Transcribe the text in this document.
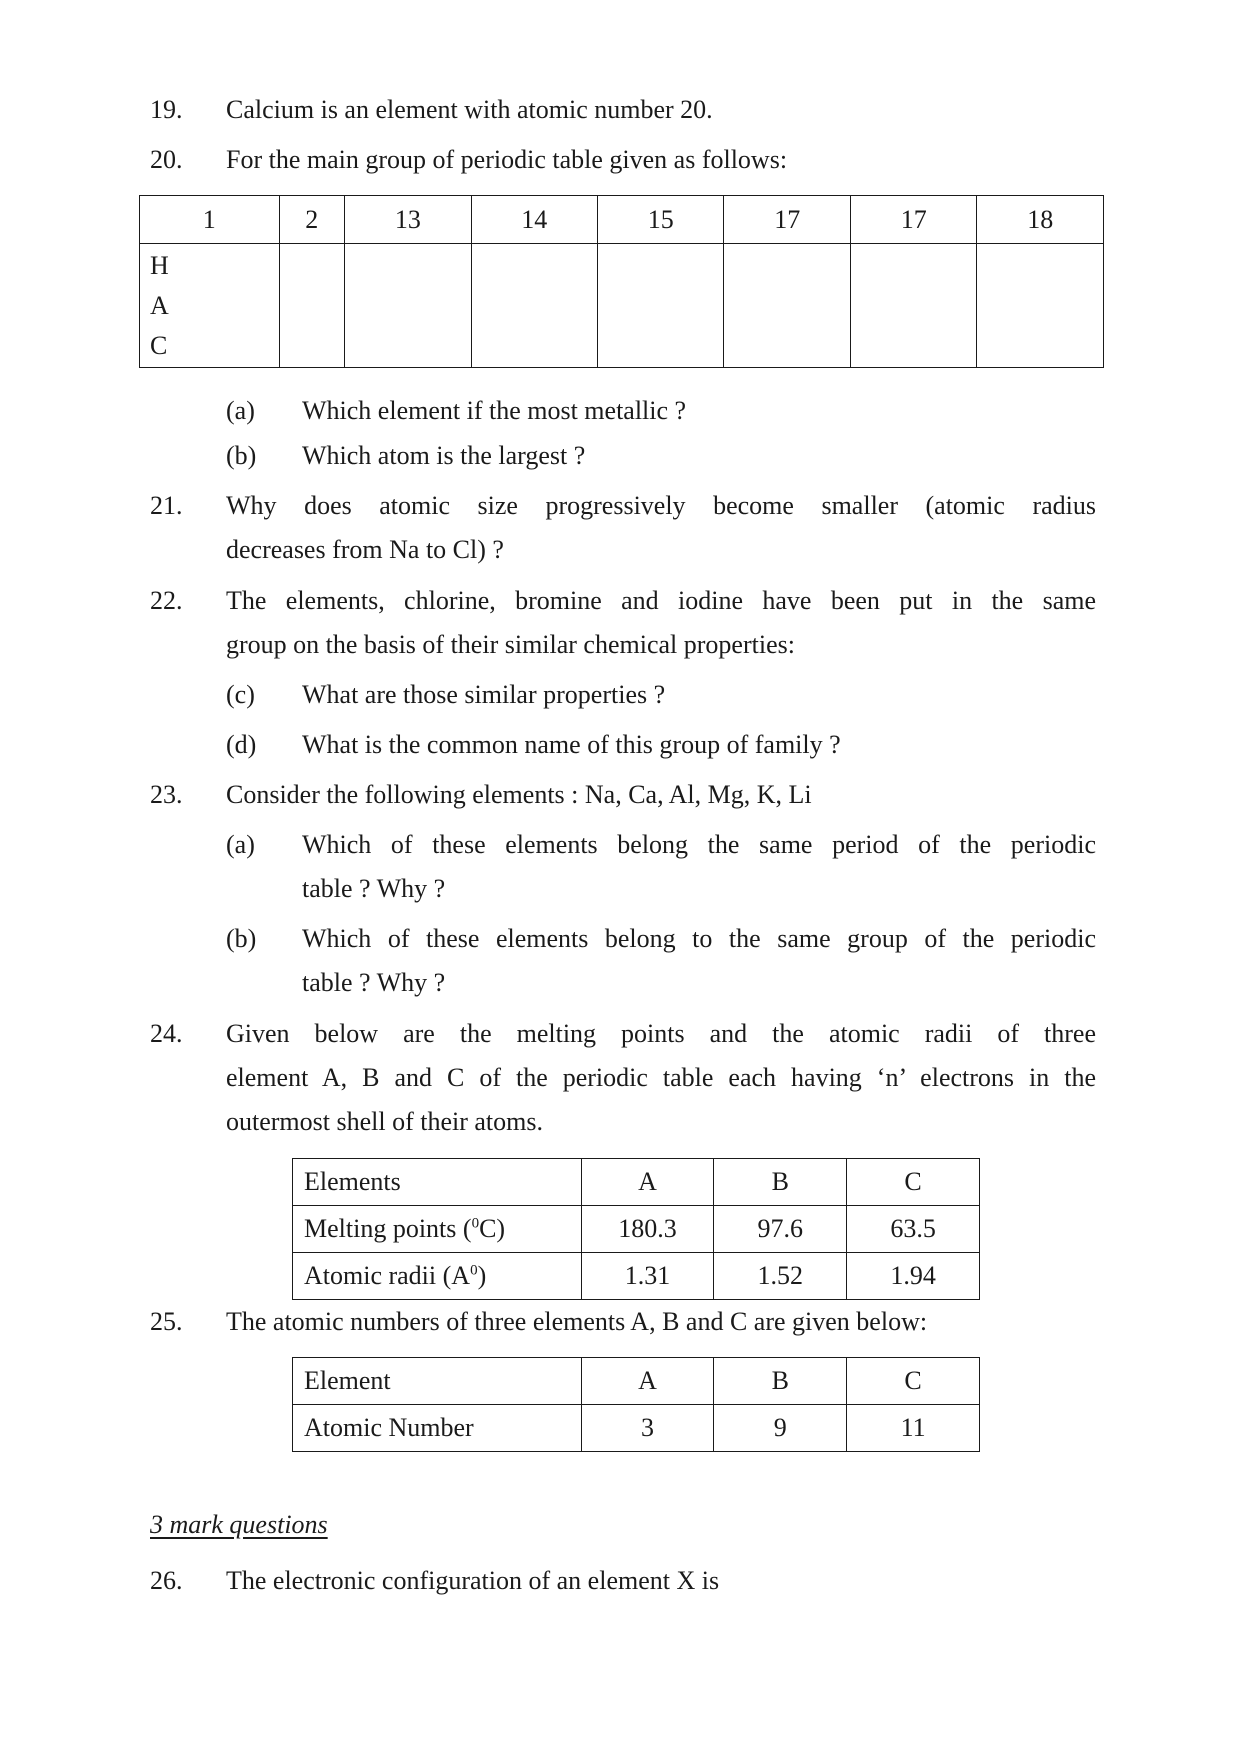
19. Calcium is an element with atomic number 20.
20. For the main group of periodic table given as follows:
1	2	13	14	15	17	17	18

H
A
C							

(a) Which element if the most metallic ?
(b) Which atom is the largest ?
21. Why does atomic size progressively become smaller (atomic radius
decreases from Na to Cl) ?
22. The elements, chlorine, bromine and iodine have been put in the same
group on the basis of their similar chemical properties:
(c) What are those similar properties ?
(d) What is the common name of this group of family ?
23. Consider the following elements : Na, Ca, Al, Mg, K, Li
(a) Which of these elements belong the same period of the periodic
table ? Why ?
(b) Which of these elements belong to the same group of the periodic
table ? Why ?
24. Given below are the melting points and the atomic radii of three
element A, B and C of the periodic table each having ‘n’ electrons in the
outermost shell of their atoms.
Elements	A	B	C
Melting points ($^0$C)	180.3	97.6	63.5
Atomic radii $(A^0)$	1.31	1.52	1.94
25. The atomic numbers of three elements A, B and C are given below:
Element	A	B	C
Atomic Number	3	9	11
3 mark questions
26. The electronic configuration of an element X is
